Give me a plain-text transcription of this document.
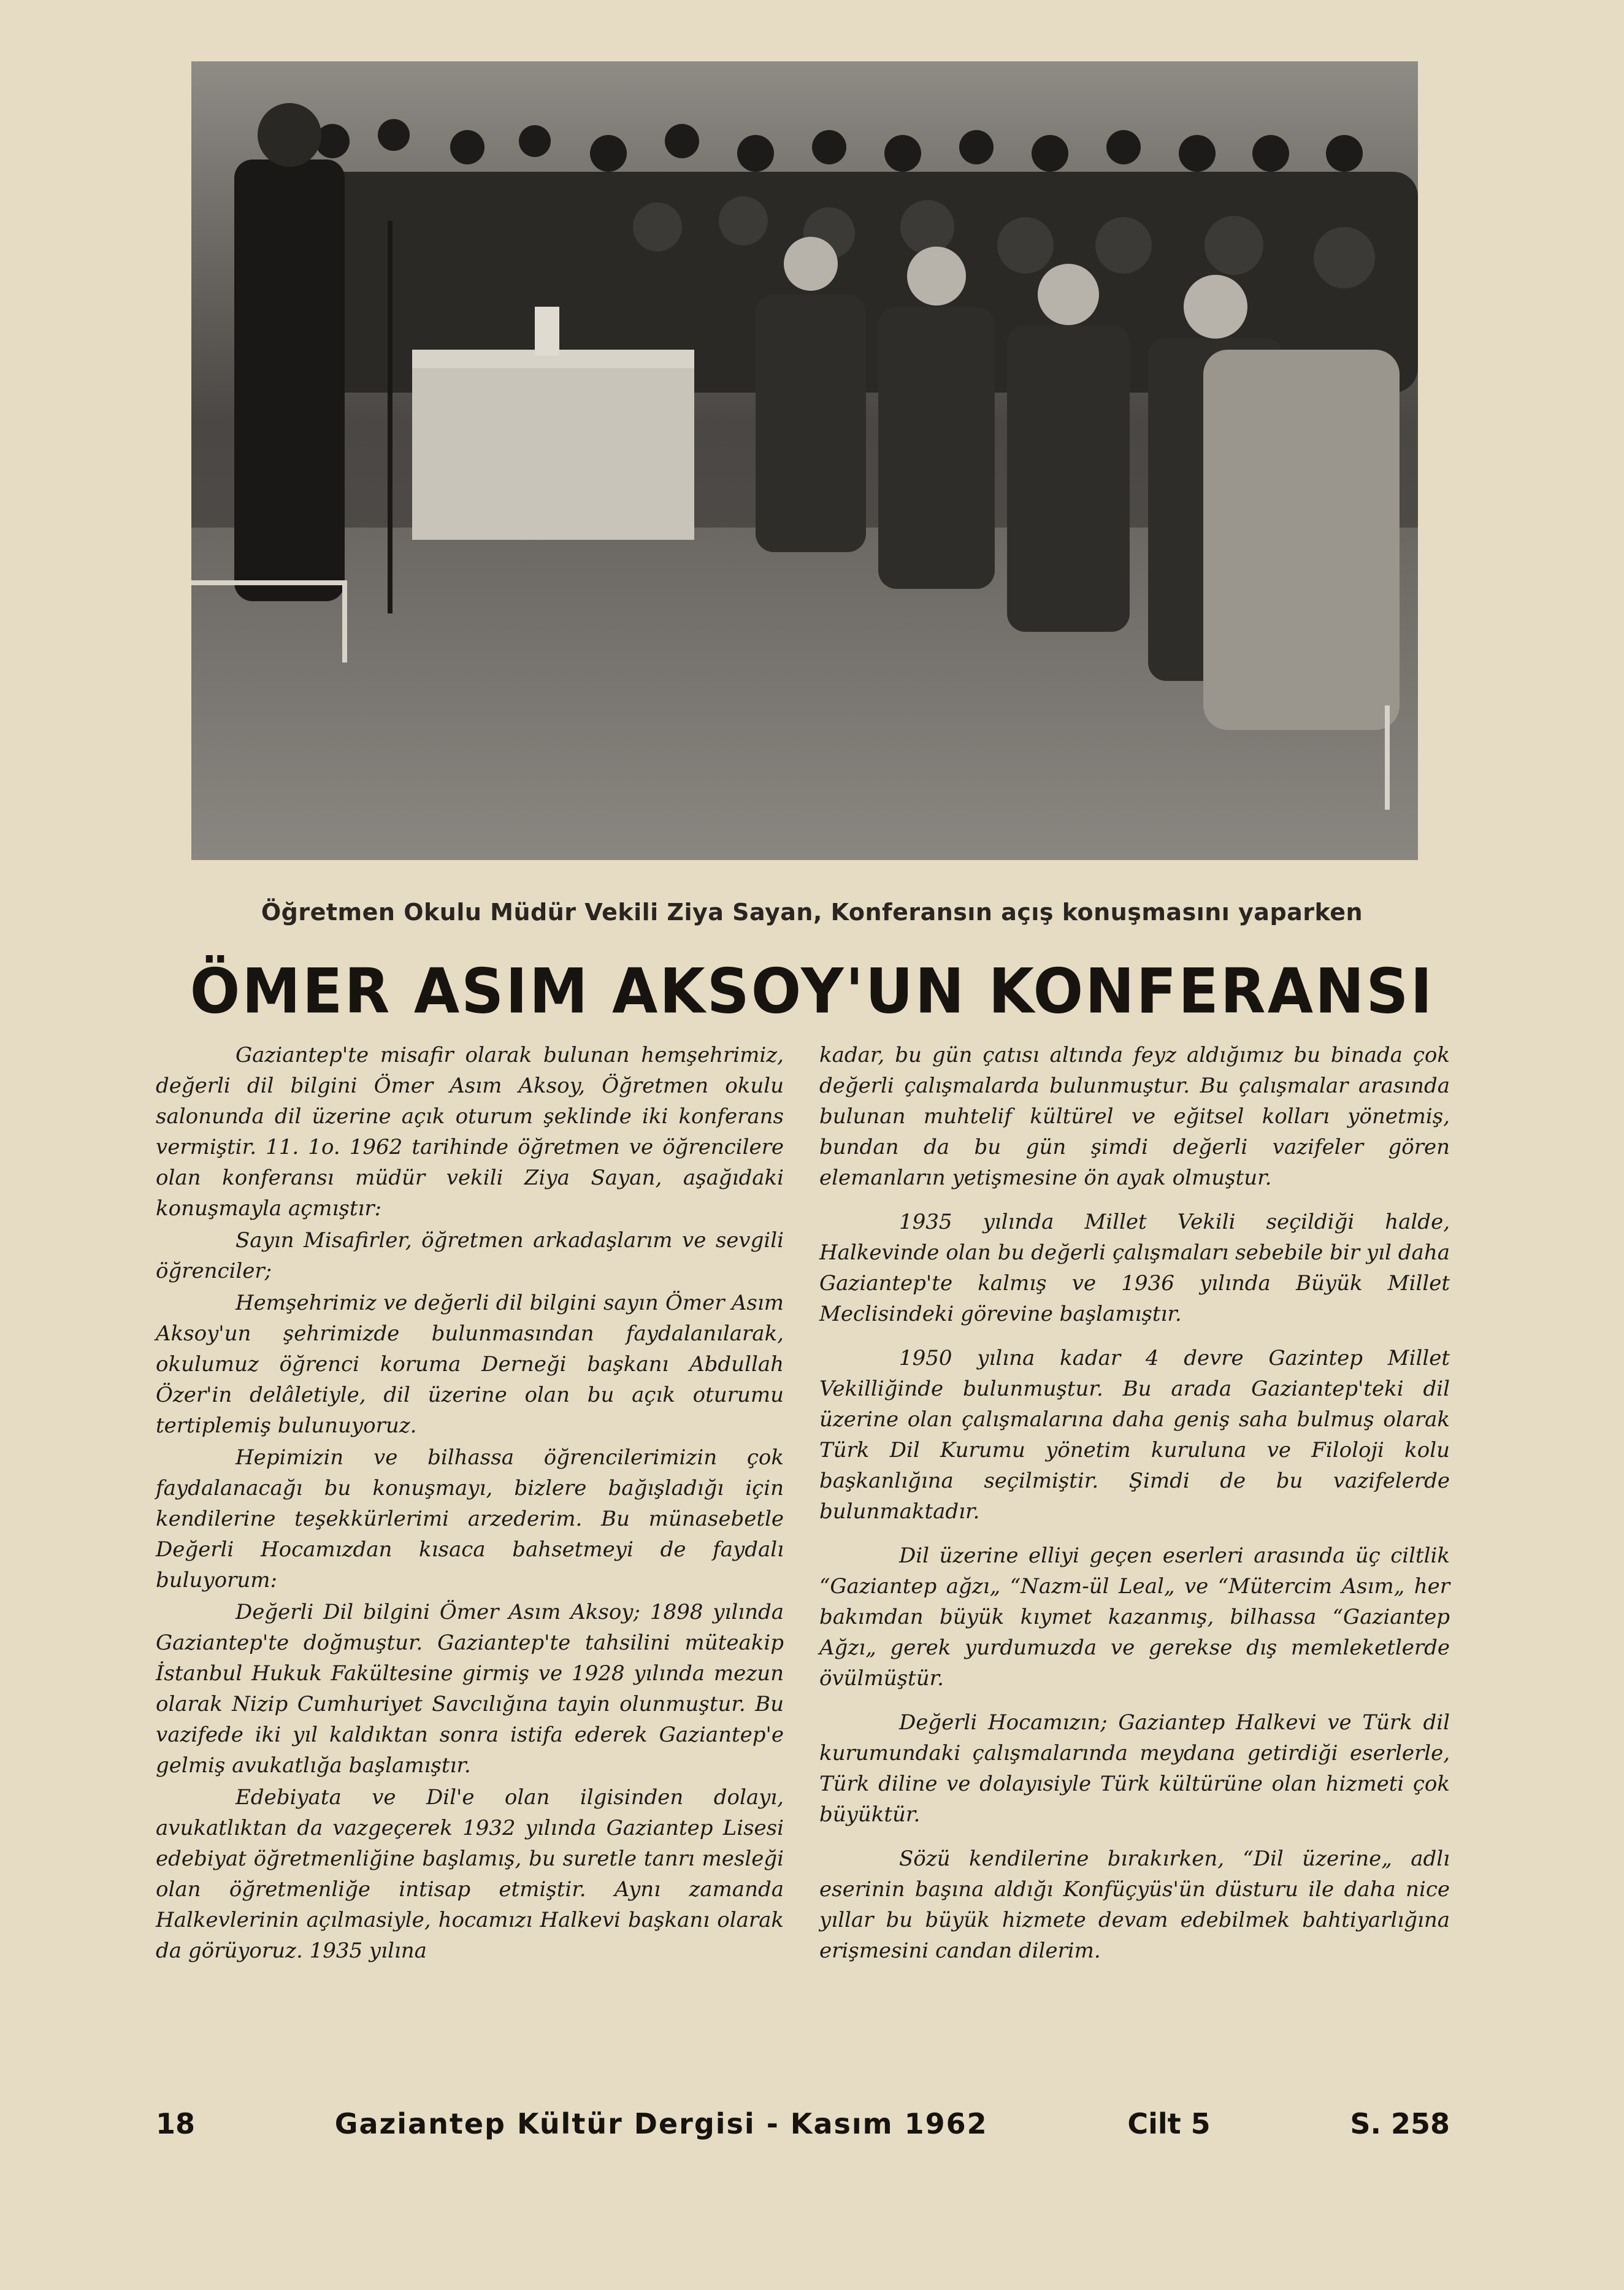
Öğretmen Okulu Müdür Vekili Ziya Sayan, Konferansın açış konuşmasını yaparken
ÖMER ASIM AKSOY'UN KONFERANSI

Gaziantep'te misafir olarak bulunan hemşehrimiz, değerli dil bilgini Ömer Asım Aksoy, Öğretmen okulu salonunda dil üzerine açık oturum şeklinde iki konferans vermiştir. 11. 1o. 1962 tarihinde öğretmen ve öğrencilere olan konferansı müdür vekili Ziya Sayan, aşağıdaki konuşmayla açmıştır:

Sayın Misafirler, öğretmen arkadaşlarım ve sevgili öğrenciler;

Hemşehrimiz ve değerli dil bilgini sayın Ömer Asım Aksoy'un şehrimizde bulunmasından faydalanılarak, okulumuz öğrenci koruma Derneği başkanı Abdullah Özer'in delâletiyle, dil üzerine olan bu açık oturumu tertiplemiş bulunuyoruz.

Hepimizin ve bilhassa öğrencilerimizin çok faydalanacağı bu konuşmayı, bizlere bağışladığı için kendilerine teşekkürlerimi arzederim. Bu münasebetle Değerli Hocamızdan kısaca bahsetmeyi de faydalı buluyorum:

Değerli Dil bilgini Ömer Asım Aksoy; 1898 yılında Gaziantep'te doğmuştur. Gaziantep'te tahsilini müteakip İstanbul Hukuk Fakültesine girmiş ve 1928 yılında mezun olarak Nizip Cumhuriyet Savcılığına tayin olunmuştur. Bu vazifede iki yıl kaldıktan sonra istifa ederek Gaziantep'e gelmiş avukatlığa başlamıştır.

Edebiyata ve Dil'e olan ilgisinden dolayı, avukatlıktan da vazgeçerek 1932 yılında Gaziantep Lisesi edebiyat öğretmenliğine başlamış, bu suretle tanrı mesleği olan öğretmenliğe intisap etmiştir. Aynı zamanda Halkevlerinin açılmasiyle, hocamızı Halkevi başkanı olarak da görüyoruz. 1935 yılına

kadar, bu gün çatısı altında feyz aldığımız bu binada çok değerli çalışmalarda bulunmuştur. Bu çalışmalar arasında bulunan muhtelif kültürel ve eğitsel kolları yönetmiş, bundan da bu gün şimdi değerli vazifeler gören elemanların yetişmesine ön ayak olmuştur.

1935 yılında Millet Vekili seçildiği halde, Halkevinde olan bu değerli çalışmaları sebebile bir yıl daha Gaziantep'te kalmış ve 1936 yılında Büyük Millet Meclisindeki görevine başlamıştır.

1950 yılına kadar 4 devre Gazintep Millet Vekilliğinde bulunmuştur. Bu arada Gaziantep'teki dil üzerine olan çalışmalarına daha geniş saha bulmuş olarak Türk Dil Kurumu yönetim kuruluna ve Filoloji kolu başkanlığına seçilmiştir. Şimdi de bu vazifelerde bulunmaktadır.

Dil üzerine elliyi geçen eserleri arasında üç ciltlik “Gaziantep ağzı„ “Nazm-ül Leal„ ve “Mütercim Asım„ her bakımdan büyük kıymet kazanmış, bilhassa “Gaziantep Ağzı„ gerek yurdumuzda ve gerekse dış memleketlerde övülmüştür.

Değerli Hocamızın; Gaziantep Halkevi ve Türk dil kurumundaki çalışmalarında meydana getirdiği eserlerle, Türk diline ve dolayısiyle Türk kültürüne olan hizmeti çok büyüktür.

Sözü kendilerine bırakırken, “Dil üzerine„ adlı eserinin başına aldığı Konfüçyüs'ün düsturu ile daha nice yıllar bu büyük hizmete devam edebilmek bahtiyarlığına erişmesini candan dilerim.

18	Gaziantep Kültür Dergisi - Kasım 1962	Cilt 5	S. 258
